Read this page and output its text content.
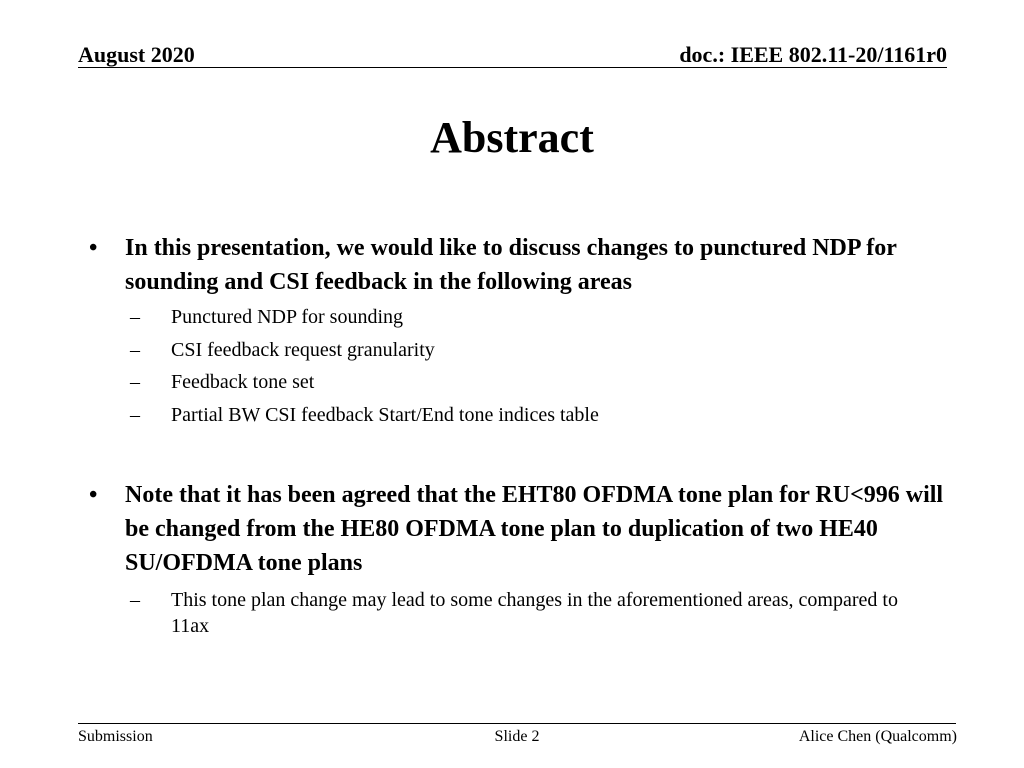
August 2020	doc.: IEEE 802.11-20/1161r0
Abstract
• In this presentation, we would like to discuss changes to punctured NDP for sounding and CSI feedback in the following areas
– Punctured NDP for sounding
– CSI feedback request granularity
– Feedback tone set
– Partial BW CSI feedback Start/End tone indices table
• Note that it has been agreed that the EHT80 OFDMA tone plan for RU<996 will be changed from the HE80 OFDMA tone plan to duplication of two HE40 SU/OFDMA tone plans
– This tone plan change may lead to some changes in the aforementioned areas, compared to 11ax
Submission	Slide 2	Alice Chen (Qualcomm)
